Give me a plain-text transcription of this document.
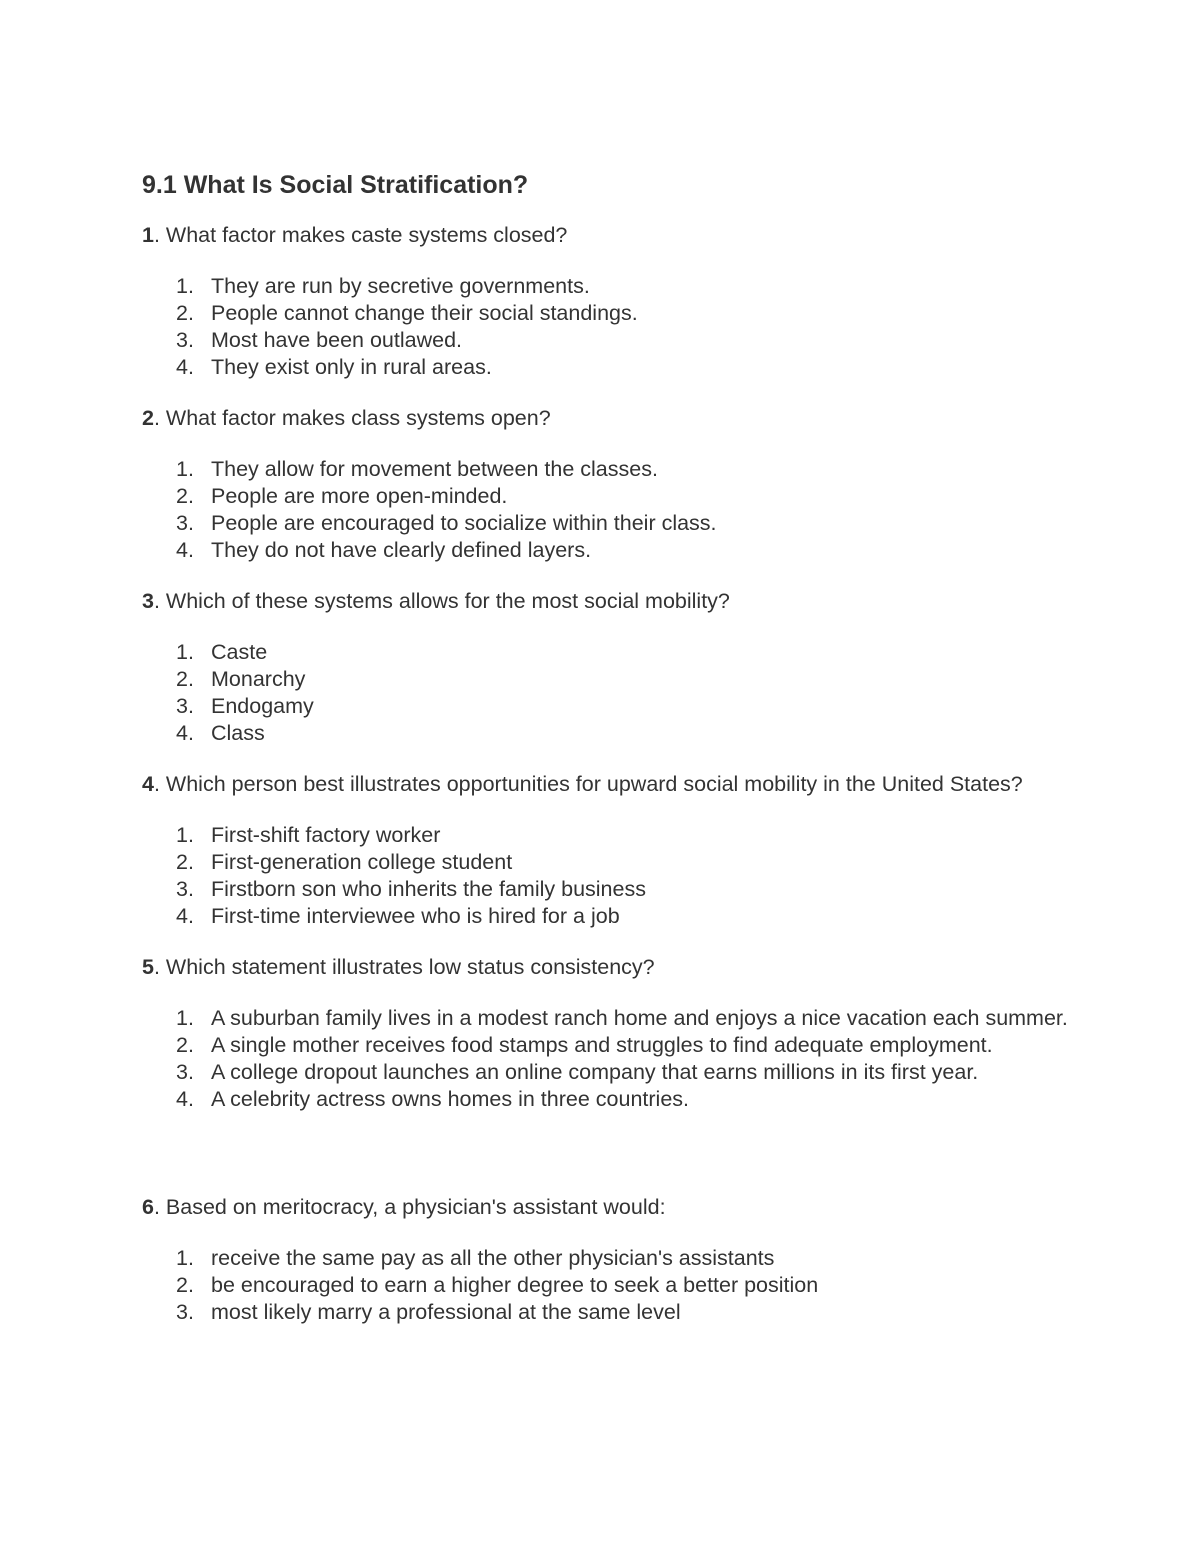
9.1 What Is Social Stratification?
1. What factor makes caste systems closed?
1. They are run by secretive governments.
2. People cannot change their social standings.
3. Most have been outlawed.
4. They exist only in rural areas.
2. What factor makes class systems open?
1. They allow for movement between the classes.
2. People are more open-minded.
3. People are encouraged to socialize within their class.
4. They do not have clearly defined layers.
3. Which of these systems allows for the most social mobility?
1. Caste
2. Monarchy
3. Endogamy
4. Class
4. Which person best illustrates opportunities for upward social mobility in the United States?
1. First-shift factory worker
2. First-generation college student
3. Firstborn son who inherits the family business
4. First-time interviewee who is hired for a job
5. Which statement illustrates low status consistency?
1. A suburban family lives in a modest ranch home and enjoys a nice vacation each summer.
2. A single mother receives food stamps and struggles to find adequate employment.
3. A college dropout launches an online company that earns millions in its first year.
4. A celebrity actress owns homes in three countries.
6. Based on meritocracy, a physician's assistant would:
1. receive the same pay as all the other physician's assistants
2. be encouraged to earn a higher degree to seek a better position
3. most likely marry a professional at the same level
